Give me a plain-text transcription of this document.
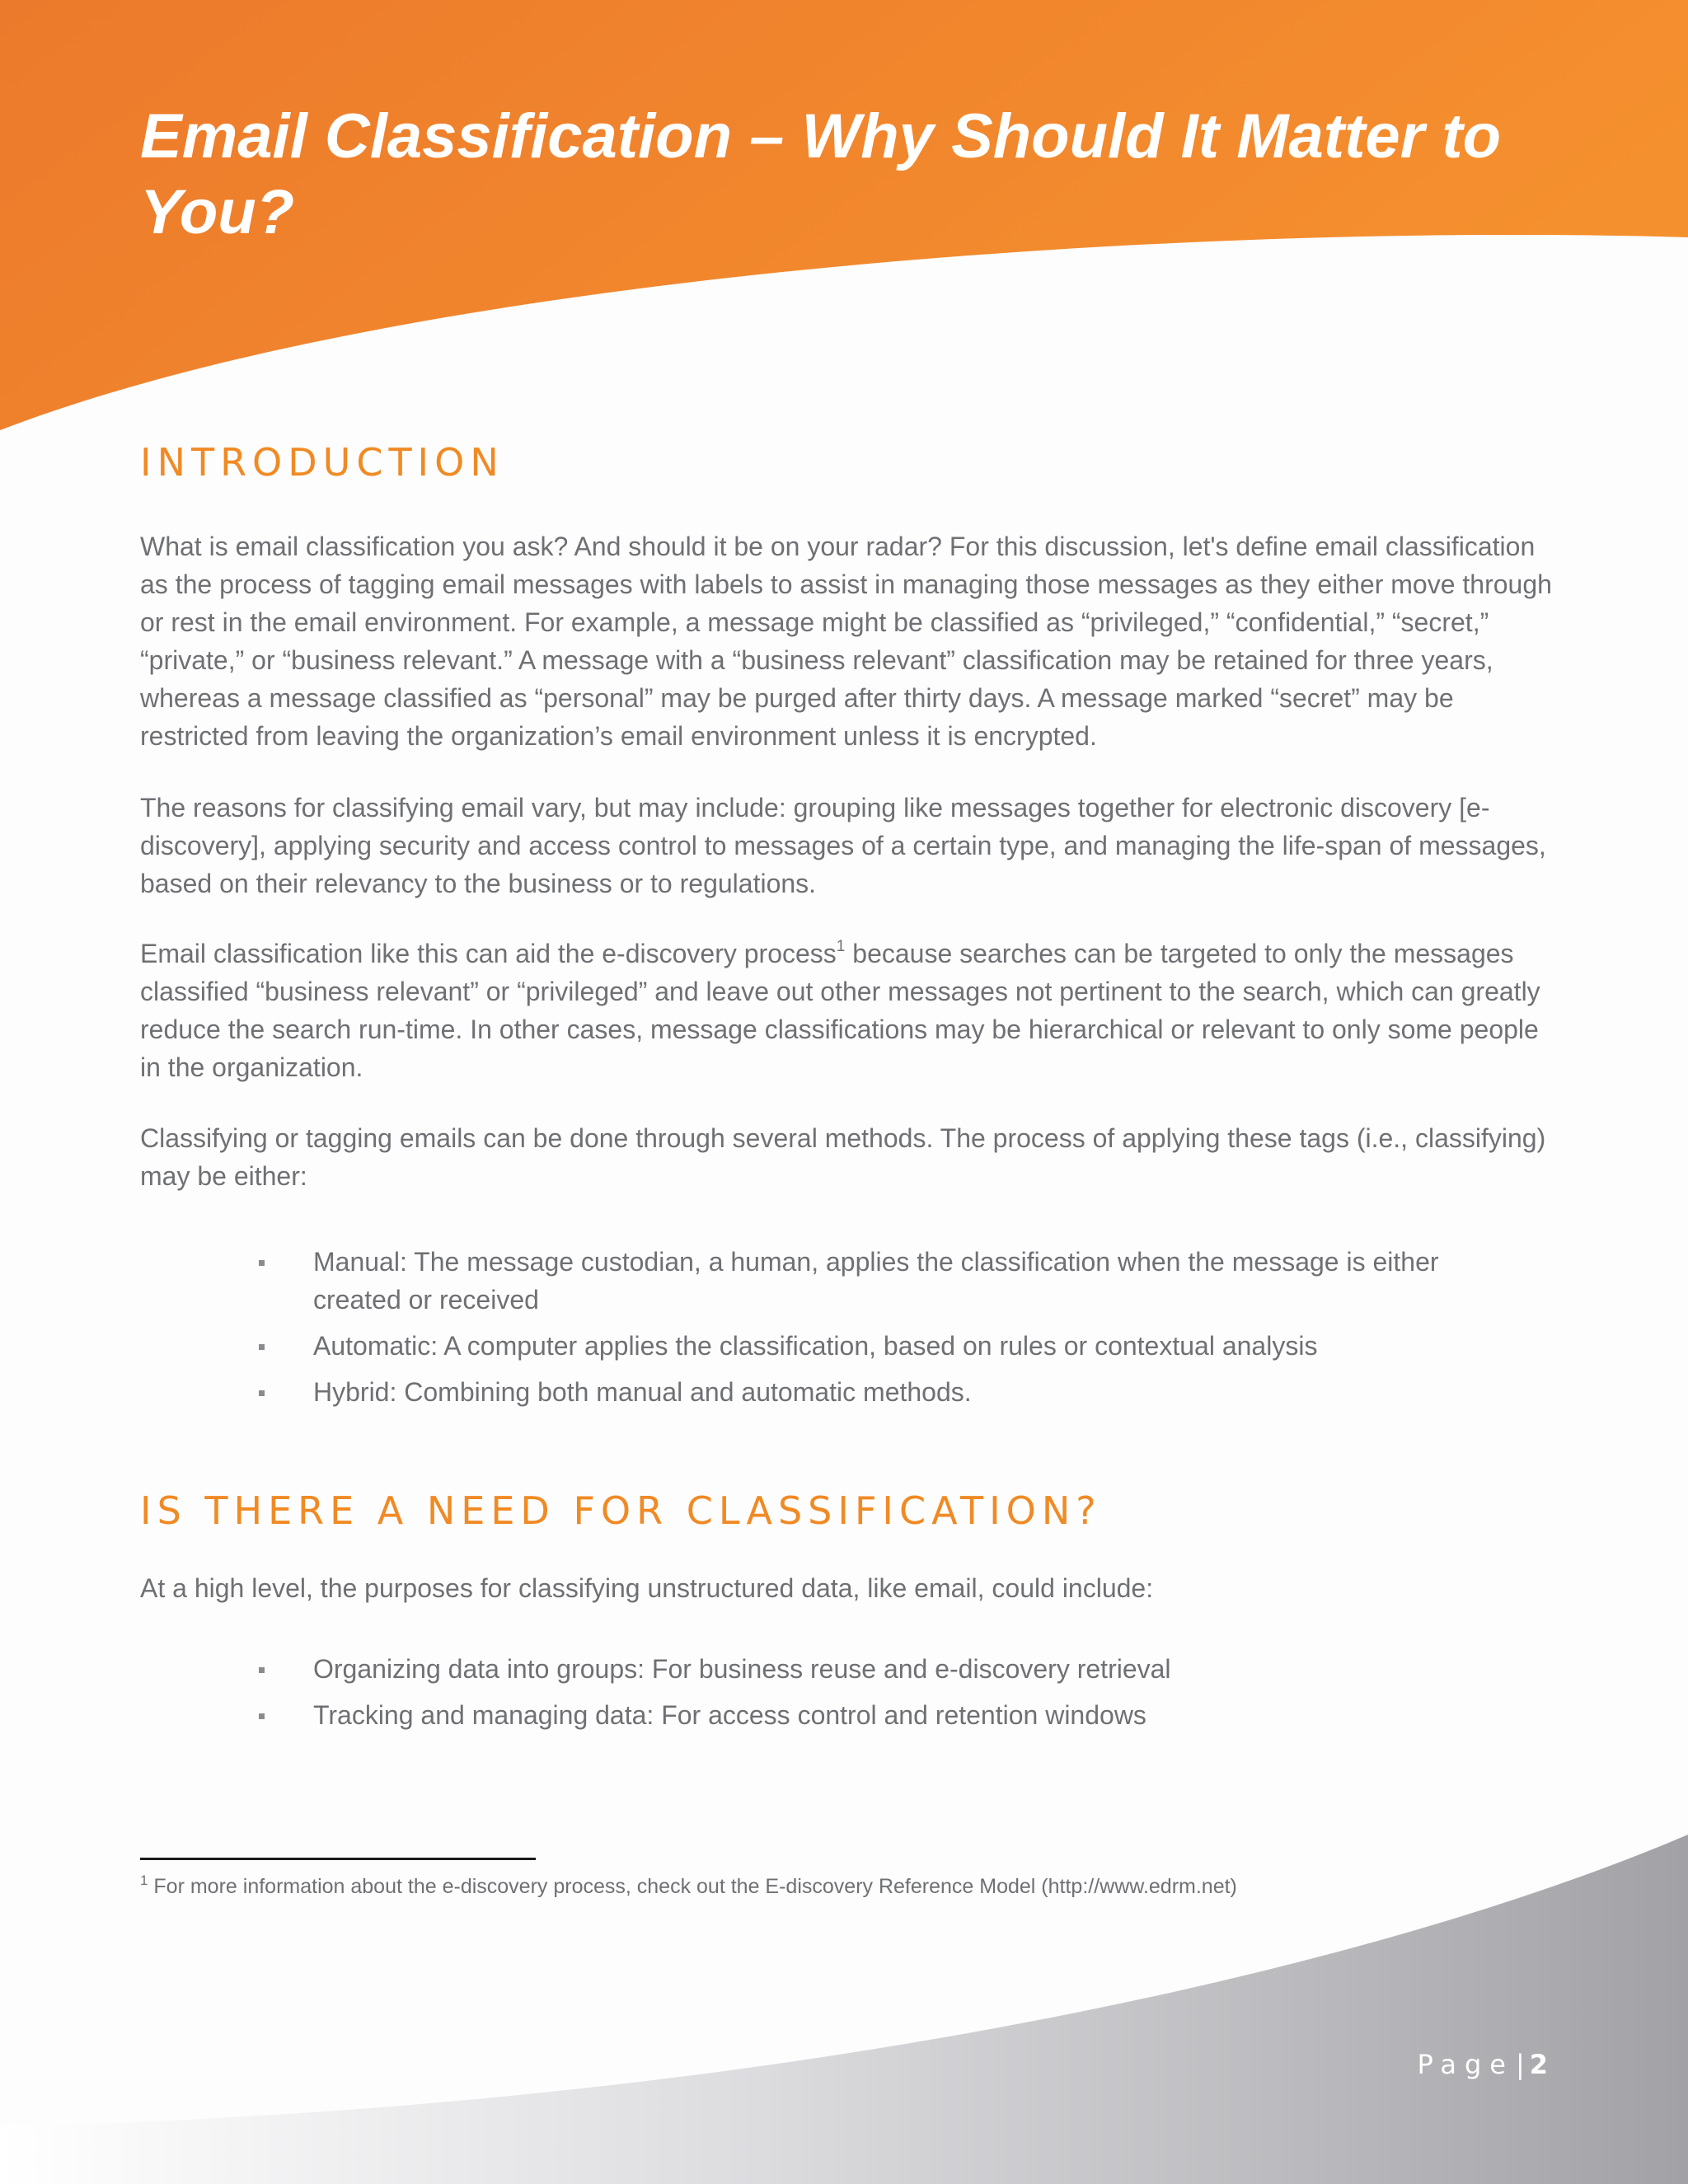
Email Classification – Why Should It Matter to You?
INTRODUCTION

What is email classification you ask? And should it be on your radar? For this discussion, let's define email classification as the process of tagging email messages with labels to assist in managing those messages as they either move through or rest in the email environment. For example, a message might be classified as “privileged,” “confidential,” “secret,” “private,” or “business relevant.” A message with a “business relevant” classification may be retained for three years, whereas a message classified as “personal” may be purged after thirty days. A message marked “secret” may be restricted from leaving the organization’s email environment unless it is encrypted.

The reasons for classifying email vary, but may include: grouping like messages together for electronic discovery [e-discovery], applying security and access control to messages of a certain type, and managing the life-span of messages, based on their relevancy to the business or to regulations.

Email classification like this can aid the e-discovery process$^1$ because searches can be targeted to only the messages classified “business relevant” or “privileged” and leave out other messages not pertinent to the search, which can greatly reduce the search run-time. In other cases, message classifications may be hierarchical or relevant to only some people in the organization.

Classifying or tagging emails can be done through several methods. The process of applying these tags (i.e., classifying) may be either:

Manual: The message custodian, a human, applies the classification when the message is either created or received
Automatic: A computer applies the classification, based on rules or contextual analysis
Hybrid: Combining both manual and automatic methods.
IS THERE A NEED FOR CLASSIFICATION?

At a high level, the purposes for classifying unstructured data, like email, could include:

Organizing data into groups: For business reuse and e-discovery retrieval
Tracking and managing data: For access control and retention windows

$^1$ For more information about the e-discovery process, check out the E-discovery Reference Model (http://www.edrm.net)

Page| 2
